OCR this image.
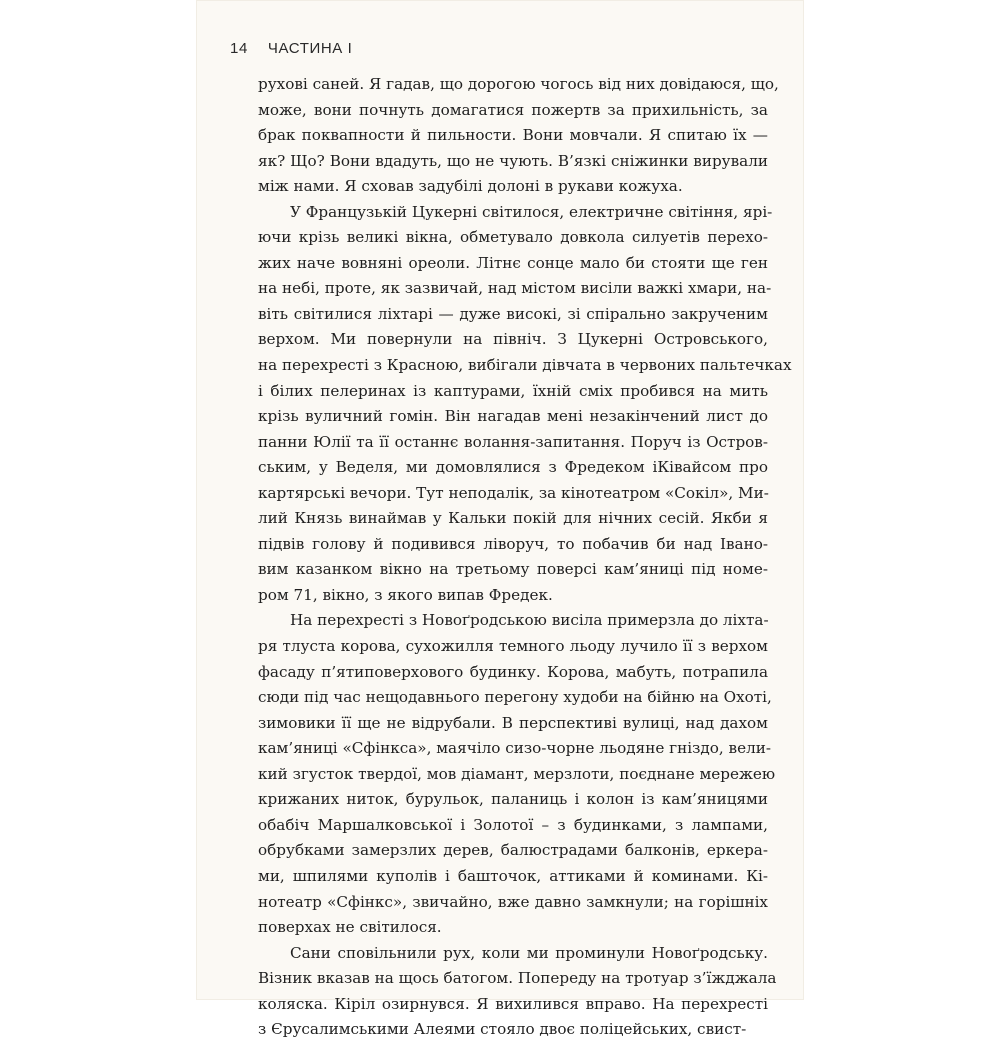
14 ЧАСТИНА І
рухові саней. Я гадав, що дорогою чогось від них довідаюся, що,
може, вони почнуть домагатися пожертв за прихильність, за
брак поквапности й пильности. Вони мовчали. Я спитаю їх —
як? Що? Вони вдадуть, що не чують. В’язкі сніжинки вирували
між нами. Я сховав задубілі долоні в рукави кожуха.
У Французькій Цукерні світилося, електричне світіння, ярі-
ючи крізь великі вікна, обметувало довкола силуетів перехо-
жих наче вовняні ореоли. Літнє сонце мало би стояти ще ген
на небі, проте, як зазвичай, над містом висіли важкі хмари, на-
віть світилися ліхтарі — дуже високі, зі спірально закрученим
верхом. Ми повернули на північ. З Цукерні Островського,
на перехресті з Красною, вибігали дівчата в червоних пальтечках
і білих пелеринах із каптурами, їхній сміх пробився на мить
крізь вуличний гомін. Він нагадав мені незакінчений лист до
панни Юлії та її останнє волання-запитання. Поруч із Остров-
ським, у Веделя, ми домовлялися з Фредеком іКівайсом про
картярські вечори. Тут неподалік, за кінотеатром «Сокіл», Ми-
лий Князь винаймав у Кальки покій для нічних сесій. Якби я
підвів голову й подивився ліворуч, то побачив би над Івано-
вим казанком вікно на третьому поверсі кам’яниці під номе-
ром 71, вікно, з якого випав Фредек.
На перехресті з Новоґродською висіла примерзла до ліхта-
ря тлуста корова, сухожилля темного льоду лучило її з верхом
фасаду п’ятиповерхового будинку. Корова, мабуть, потрапила
сюди під час нещодавнього перегону худоби на бійню на Охоті,
зимовики її ще не відрубали. В перспективі вулиці, над дахом
кам’яниці «Сфінкса», маячіло сизо-чорне льодяне гніздо, вели-
кий згусток твердої, мов діамант, мерзлоти, поєднане мережею
крижаних ниток, бурульок, паланиць і колон із кам’яницями
обабіч Маршалковської і Золотої – з будинками, з лампами,
обрубками замерзлих дерев, балюстрадами балконів, еркера-
ми, шпилями куполів і башточок, аттиками й коминами. Кі-
нотеатр «Сфінкс», звичайно, вже давно замкнули; на горішніх
поверхах не світилося.
Сани сповільнили рух, коли ми проминули Новоґродську.
Візник вказав на щось батогом. Попереду на тротуар з’їжджала
коляска. Кіріл озирнувся. Я вихилився вправо. На перехресті
з Єрусалимськими Алеями стояло двоє поліцейських, свист-
